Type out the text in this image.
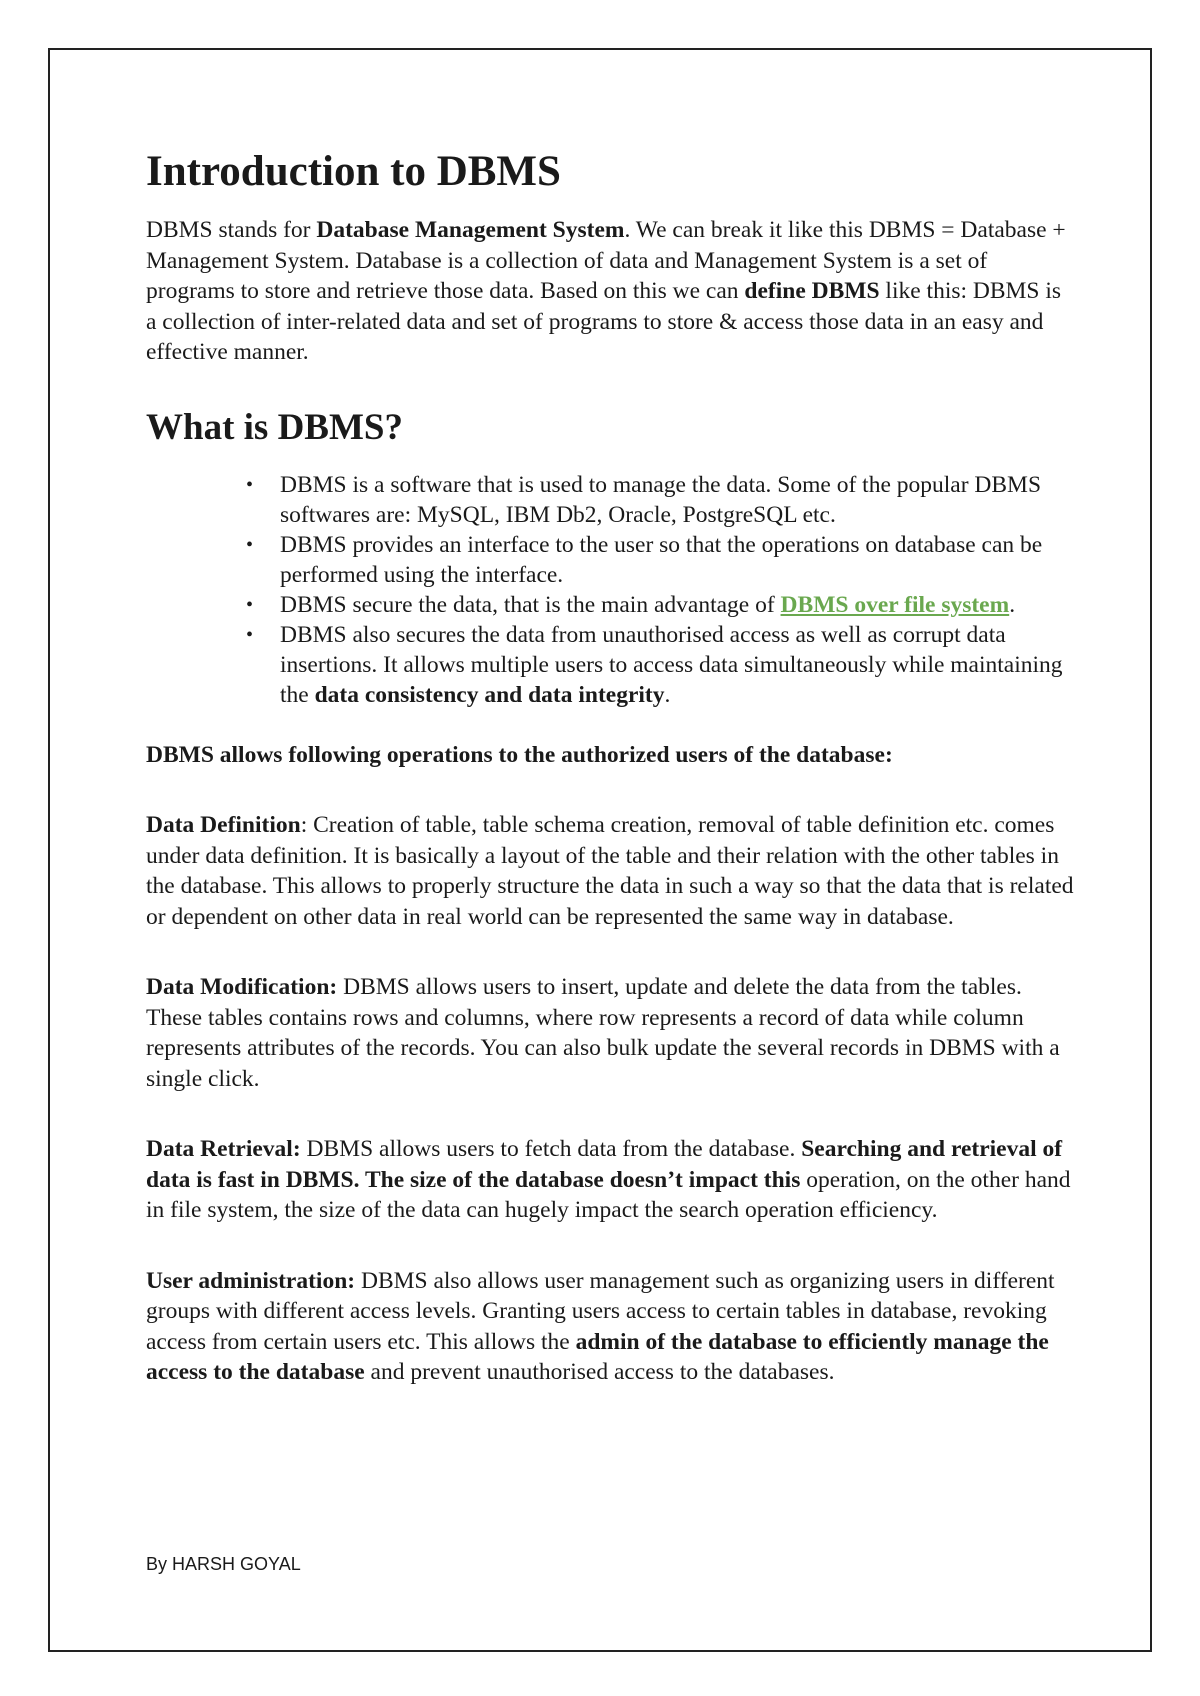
Introduction to DBMS

DBMS stands for Database Management System. We can break it like this DBMS = Database + Management System. Database is a collection of data and Management System is a set of programs to store and retrieve those data. Based on this we can define DBMS like this: DBMS is a collection of inter-related data and set of programs to store & access those data in an easy and effective manner.

What is DBMS?
• DBMS is a software that is used to manage the data. Some of the popular DBMS softwares are: MySQL, IBM Db2, Oracle, PostgreSQL etc.
• DBMS provides an interface to the user so that the operations on database can be performed using the interface.
• DBMS secure the data, that is the main advantage of DBMS over file system.
• DBMS also secures the data from unauthorised access as well as corrupt data insertions. It allows multiple users to access data simultaneously while maintaining the data consistency and data integrity.

DBMS allows following operations to the authorized users of the database:

Data Definition: Creation of table, table schema creation, removal of table definition etc. comes under data definition. It is basically a layout of the table and their relation with the other tables in the database. This allows to properly structure the data in such a way so that the data that is related or dependent on other data in real world can be represented the same way in database.

Data Modification: DBMS allows users to insert, update and delete the data from the tables. These tables contains rows and columns, where row represents a record of data while column represents attributes of the records. You can also bulk update the several records in DBMS with a single click.

Data Retrieval: DBMS allows users to fetch data from the database. Searching and retrieval of data is fast in DBMS. The size of the database doesn’t impact this operation, on the other hand in file system, the size of the data can hugely impact the search operation efficiency.

User administration: DBMS also allows user management such as organizing users in different groups with different access levels. Granting users access to certain tables in database, revoking access from certain users etc. This allows the admin of the database to efficiently manage the access to the database and prevent unauthorised access to the databases.

By HARSH GOYAL
